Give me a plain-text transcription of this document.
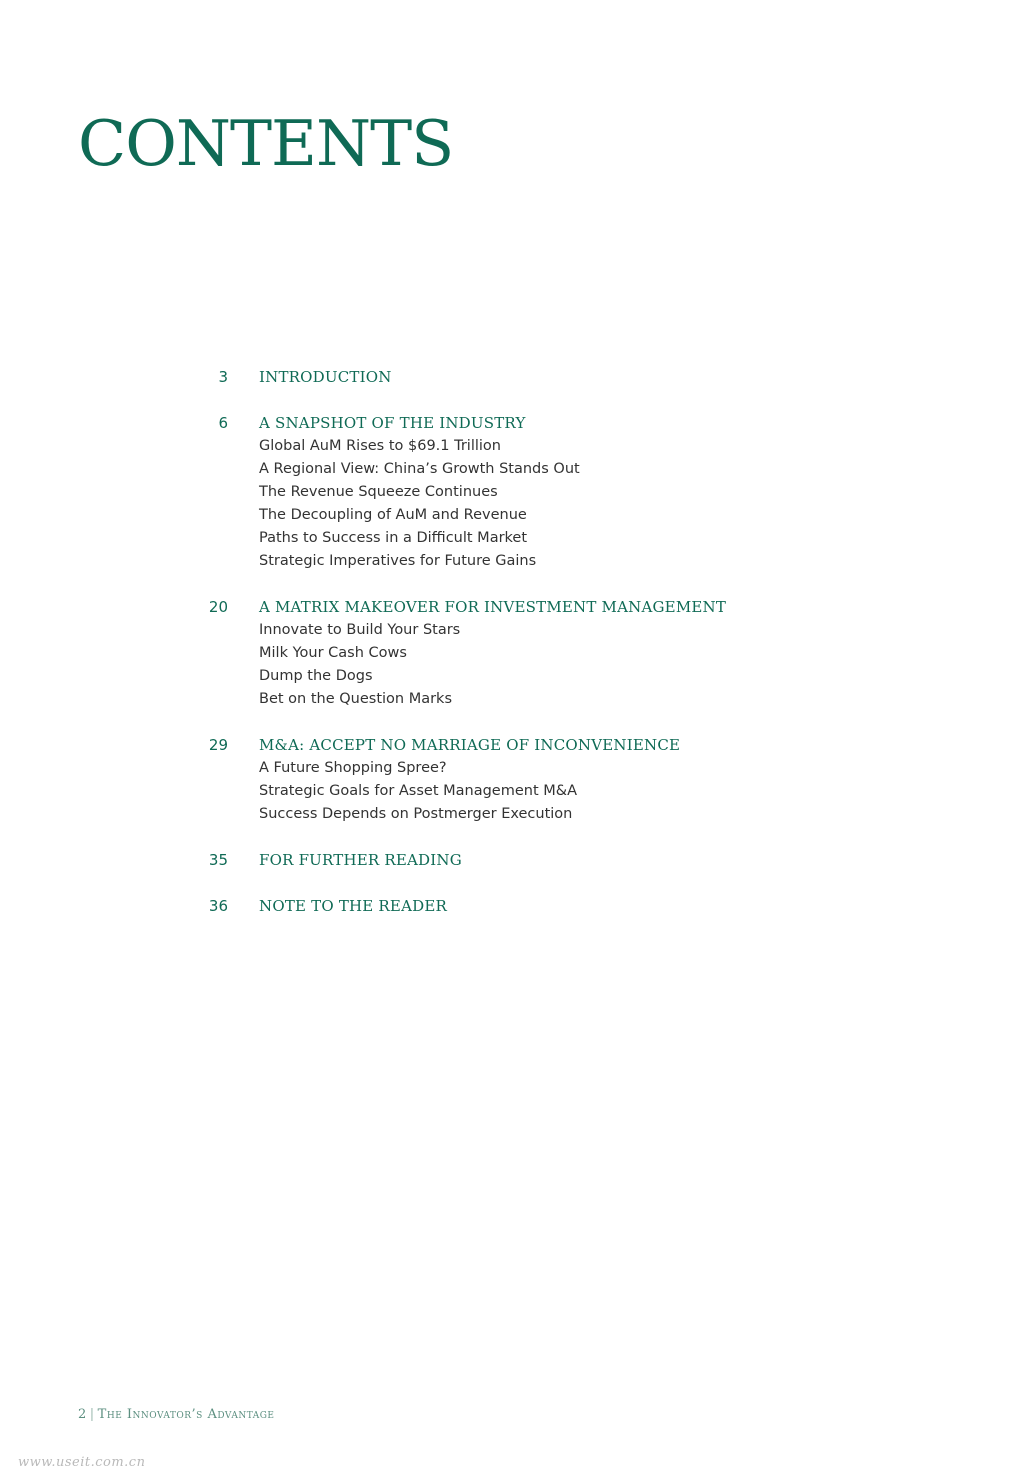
CONTENTS
3 INTRODUCTION
6 A SNAPSHOT OF THE INDUSTRY
Global AuM Rises to $69.1 Trillion
A Regional View: China’s Growth Stands Out
The Revenue Squeeze Continues
The Decoupling of AuM and Revenue
Paths to Success in a Difficult Market
Strategic Imperatives for Future Gains
20 A MATRIX MAKEOVER FOR INVESTMENT MANAGEMENT
Innovate to Build Your Stars
Milk Your Cash Cows
Dump the Dogs
Bet on the Question Marks
29 M&A: ACCEPT NO MARRIAGE OF INCONVENIENCE
A Future Shopping Spree?
Strategic Goals for Asset Management M&A
Success Depends on Postmerger Execution
35 FOR FURTHER READING
36 NOTE TO THE READER
2 | The Innovator’s Advantage
www.useit.com.cn
